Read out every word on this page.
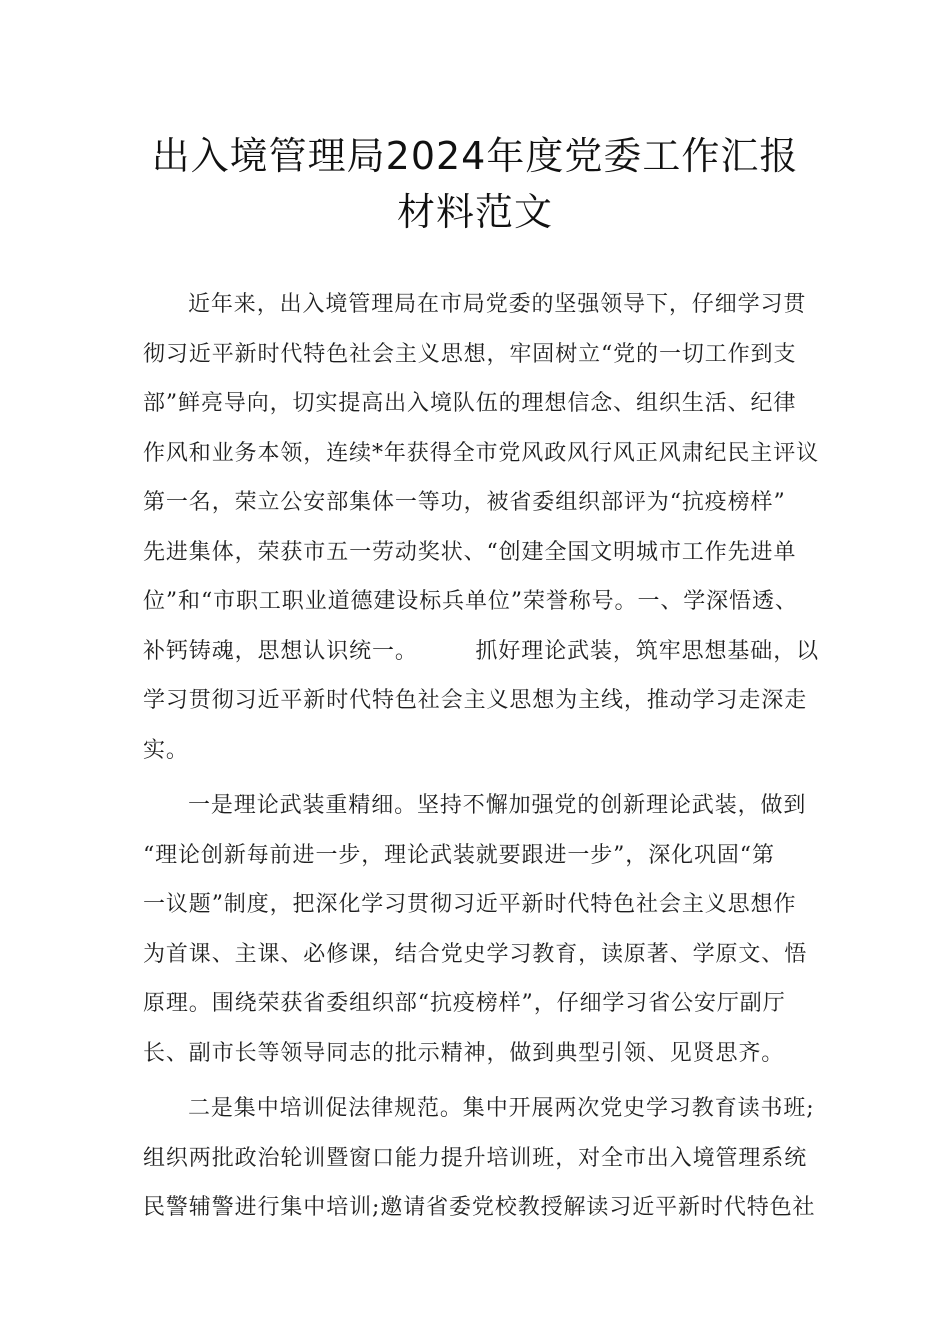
出入境管理局2024年度党委工作汇报
材料范文
近年来，出入境管理局在市局党委的坚强领导下，仔细学习贯
彻习近平新时代特色社会主义思想，牢固树立“党的一切工作到支
部”鲜亮导向，切实提高出入境队伍的理想信念、组织生活、纪律
作风和业务本领，连续*年获得全市党风政风行风正风肃纪民主评议
第一名，荣立公安部集体一等功，被省委组织部评为“抗疫榜样”
先进集体，荣获市五一劳动奖状、“创建全国文明城市工作先进单
位”和“市职工职业道德建设标兵单位”荣誉称号。一、学深悟透、
补钙铸魂，思想认识统一。　　　抓好理论武装，筑牢思想基础，以
学习贯彻习近平新时代特色社会主义思想为主线，推动学习走深走
实。
一是理论武装重精细。坚持不懈加强党的创新理论武装，做到
“理论创新每前进一步，理论武装就要跟进一步”，深化巩固“第
一议题”制度，把深化学习贯彻习近平新时代特色社会主义思想作
为首课、主课、必修课，结合党史学习教育，读原著、学原文、悟
原理。围绕荣获省委组织部“抗疫榜样”，仔细学习省公安厅副厅
长、副市长等领导同志的批示精神，做到典型引领、见贤思齐。
二是集中培训促法律规范。集中开展两次党史学习教育读书班;
组织两批政治轮训暨窗口能力提升培训班，对全市出入境管理系统
民警辅警进行集中培训;邀请省委党校教授解读习近平新时代特色社
